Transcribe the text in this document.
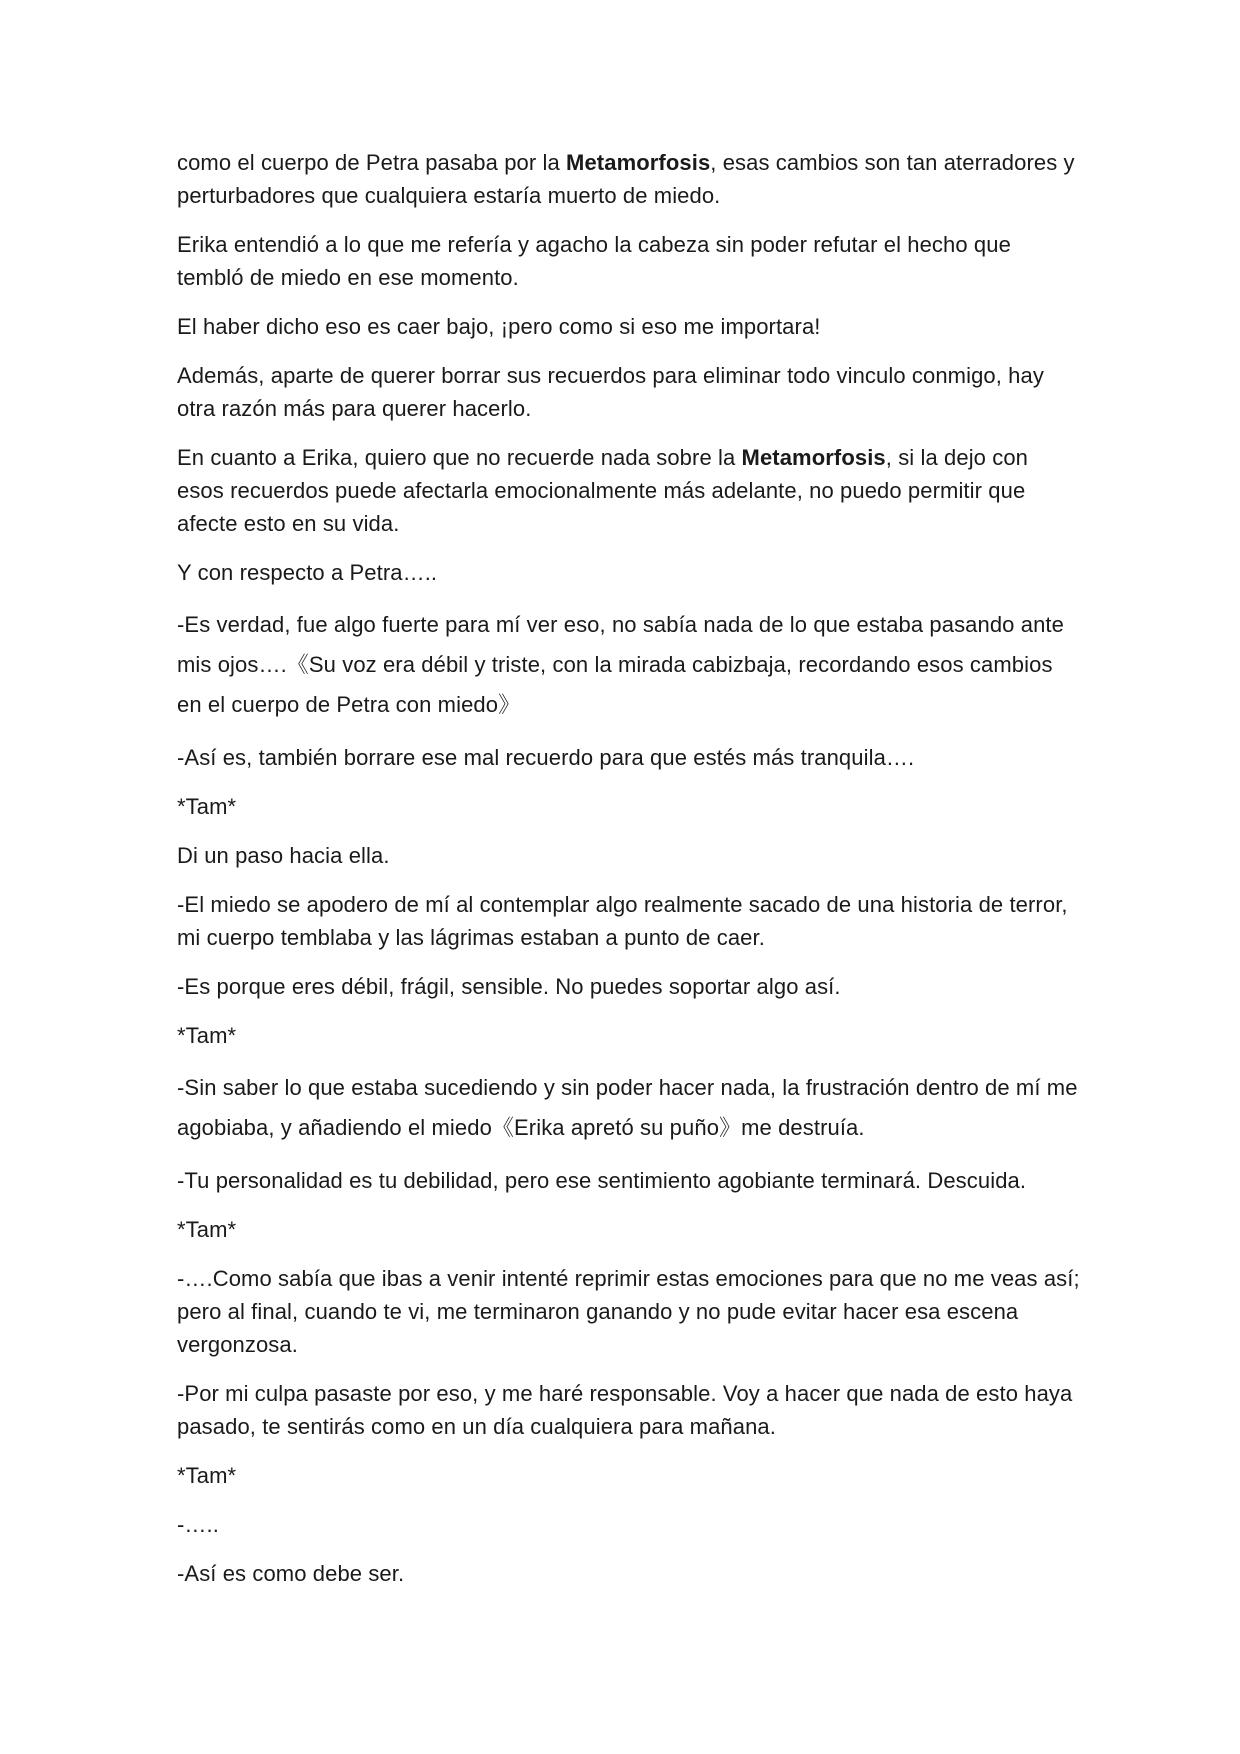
como el cuerpo de Petra pasaba por la Metamorfosis, esas cambios son tan aterradores y perturbadores que cualquiera estaría muerto de miedo.

Erika entendió a lo que me refería y agacho la cabeza sin poder refutar el hecho que tembló de miedo en ese momento.

El haber dicho eso es caer bajo, ¡pero como si eso me importara!

Además, aparte de querer borrar sus recuerdos para eliminar todo vinculo conmigo, hay otra razón más para querer hacerlo.

En cuanto a Erika, quiero que no recuerde nada sobre la Metamorfosis, si la dejo con esos recuerdos puede afectarla emocionalmente más adelante, no puedo permitir que afecte esto en su vida.

Y con respecto a Petra…..

-Es verdad, fue algo fuerte para mí ver eso, no sabía nada de lo que estaba pasando ante mis ojos….《Su voz era débil y triste, con la mirada cabizbaja, recordando esos cambios en el cuerpo de Petra con miedo》

-Así es, también borrare ese mal recuerdo para que estés más tranquila….

*Tam*

Di un paso hacia ella.

-El miedo se apodero de mí al contemplar algo realmente sacado de una historia de terror, mi cuerpo temblaba y las lágrimas estaban a punto de caer.

-Es porque eres débil, frágil, sensible. No puedes soportar algo así.

*Tam*

-Sin saber lo que estaba sucediendo y sin poder hacer nada, la frustración dentro de mí me agobiaba, y añadiendo el miedo《Erika apretó su puño》me destruía.

-Tu personalidad es tu debilidad, pero ese sentimiento agobiante terminará. Descuida.

*Tam*

-….Como sabía que ibas a venir intenté reprimir estas emociones para que no me veas así; pero al final, cuando te vi, me terminaron ganando y no pude evitar hacer esa escena vergonzosa.

-Por mi culpa pasaste por eso, y me haré responsable. Voy a hacer que nada de esto haya pasado, te sentirás como en un día cualquiera para mañana.

*Tam*

-…..

-Así es como debe ser.
